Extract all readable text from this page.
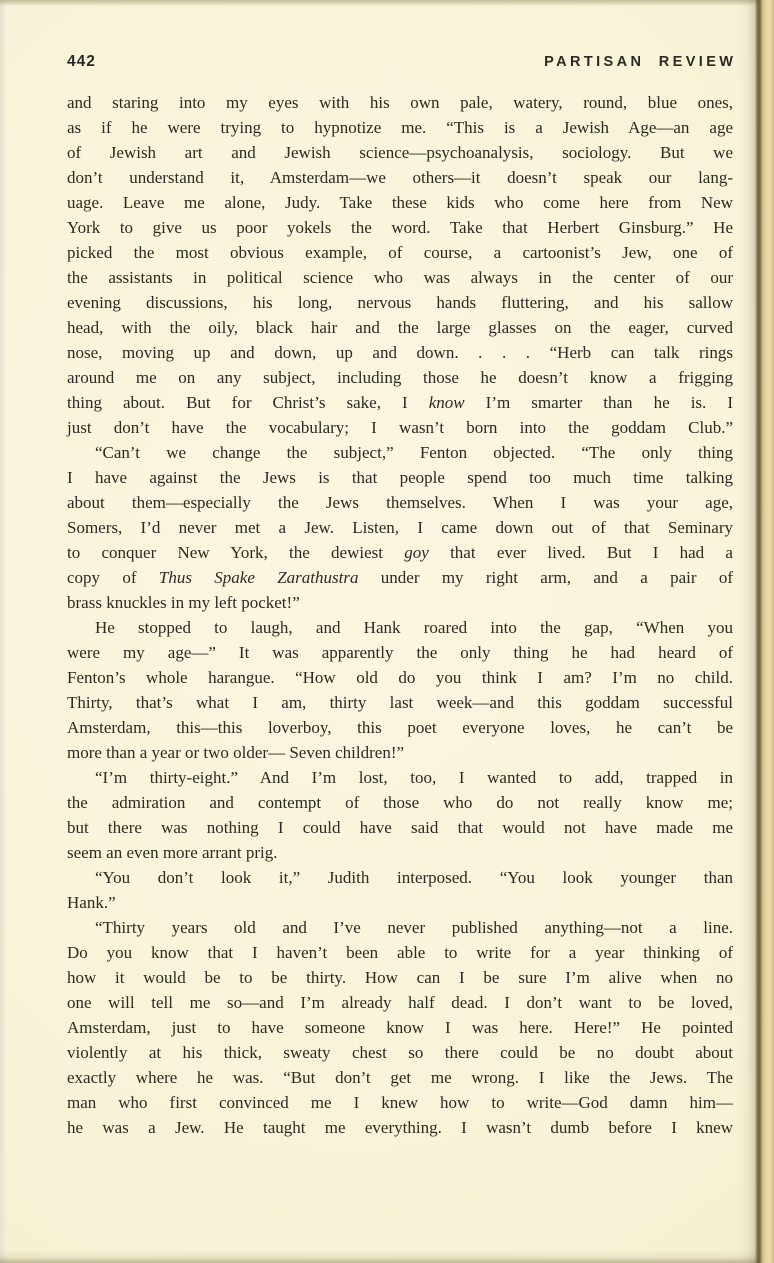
442	PARTISAN REVIEW
and staring into my eyes with his own pale, watery, round, blue ones,
as if he were trying to hypnotize me. “This is a Jewish Age—an age
of Jewish art and Jewish science—psychoanalysis, sociology. But we
don’t understand it, Amsterdam—we others—it doesn’t speak our lang-
uage. Leave me alone, Judy. Take these kids who come here from New
York to give us poor yokels the word. Take that Herbert Ginsburg.” He
picked the most obvious example, of course, a cartoonist’s Jew, one of
the assistants in political science who was always in the center of our
evening discussions, his long, nervous hands fluttering, and his sallow
head, with the oily, black hair and the large glasses on the eager, curved
nose, moving up and down, up and down. . . . “Herb can talk rings
around me on any subject, including those he doesn’t know a frigging
thing about. But for Christ’s sake, I know I’m smarter than he is. I
just don’t have the vocabulary; I wasn’t born into the goddam Club.”
“Can’t we change the subject,” Fenton objected. “The only thing
I have against the Jews is that people spend too much time talking
about them—especially the Jews themselves. When I was your age,
Somers, I’d never met a Jew. Listen, I came down out of that Seminary
to conquer New York, the dewiest goy that ever lived. But I had a
copy of Thus Spake Zarathustra under my right arm, and a pair of
brass knuckles in my left pocket!”
He stopped to laugh, and Hank roared into the gap, “When you
were my age—” It was apparently the only thing he had heard of
Fenton’s whole harangue. “How old do you think I am? I’m no child.
Thirty, that’s what I am, thirty last week—and this goddam successful
Amsterdam, this—this loverboy, this poet everyone loves, he can’t be
more than a year or two older— Seven children!”
“I’m thirty-eight.” And I’m lost, too, I wanted to add, trapped in
the admiration and contempt of those who do not really know me;
but there was nothing I could have said that would not have made me
seem an even more arrant prig.
“You don’t look it,” Judith interposed. “You look younger than
Hank.”
“Thirty years old and I’ve never published anything—not a line.
Do you know that I haven’t been able to write for a year thinking of
how it would be to be thirty. How can I be sure I’m alive when no
one will tell me so—and I’m already half dead. I don’t want to be loved,
Amsterdam, just to have someone know I was here. Here!” He pointed
violently at his thick, sweaty chest so there could be no doubt about
exactly where he was. “But don’t get me wrong. I like the Jews. The
man who first convinced me I knew how to write—God damn him—
he was a Jew. He taught me everything. I wasn’t dumb before I knew
